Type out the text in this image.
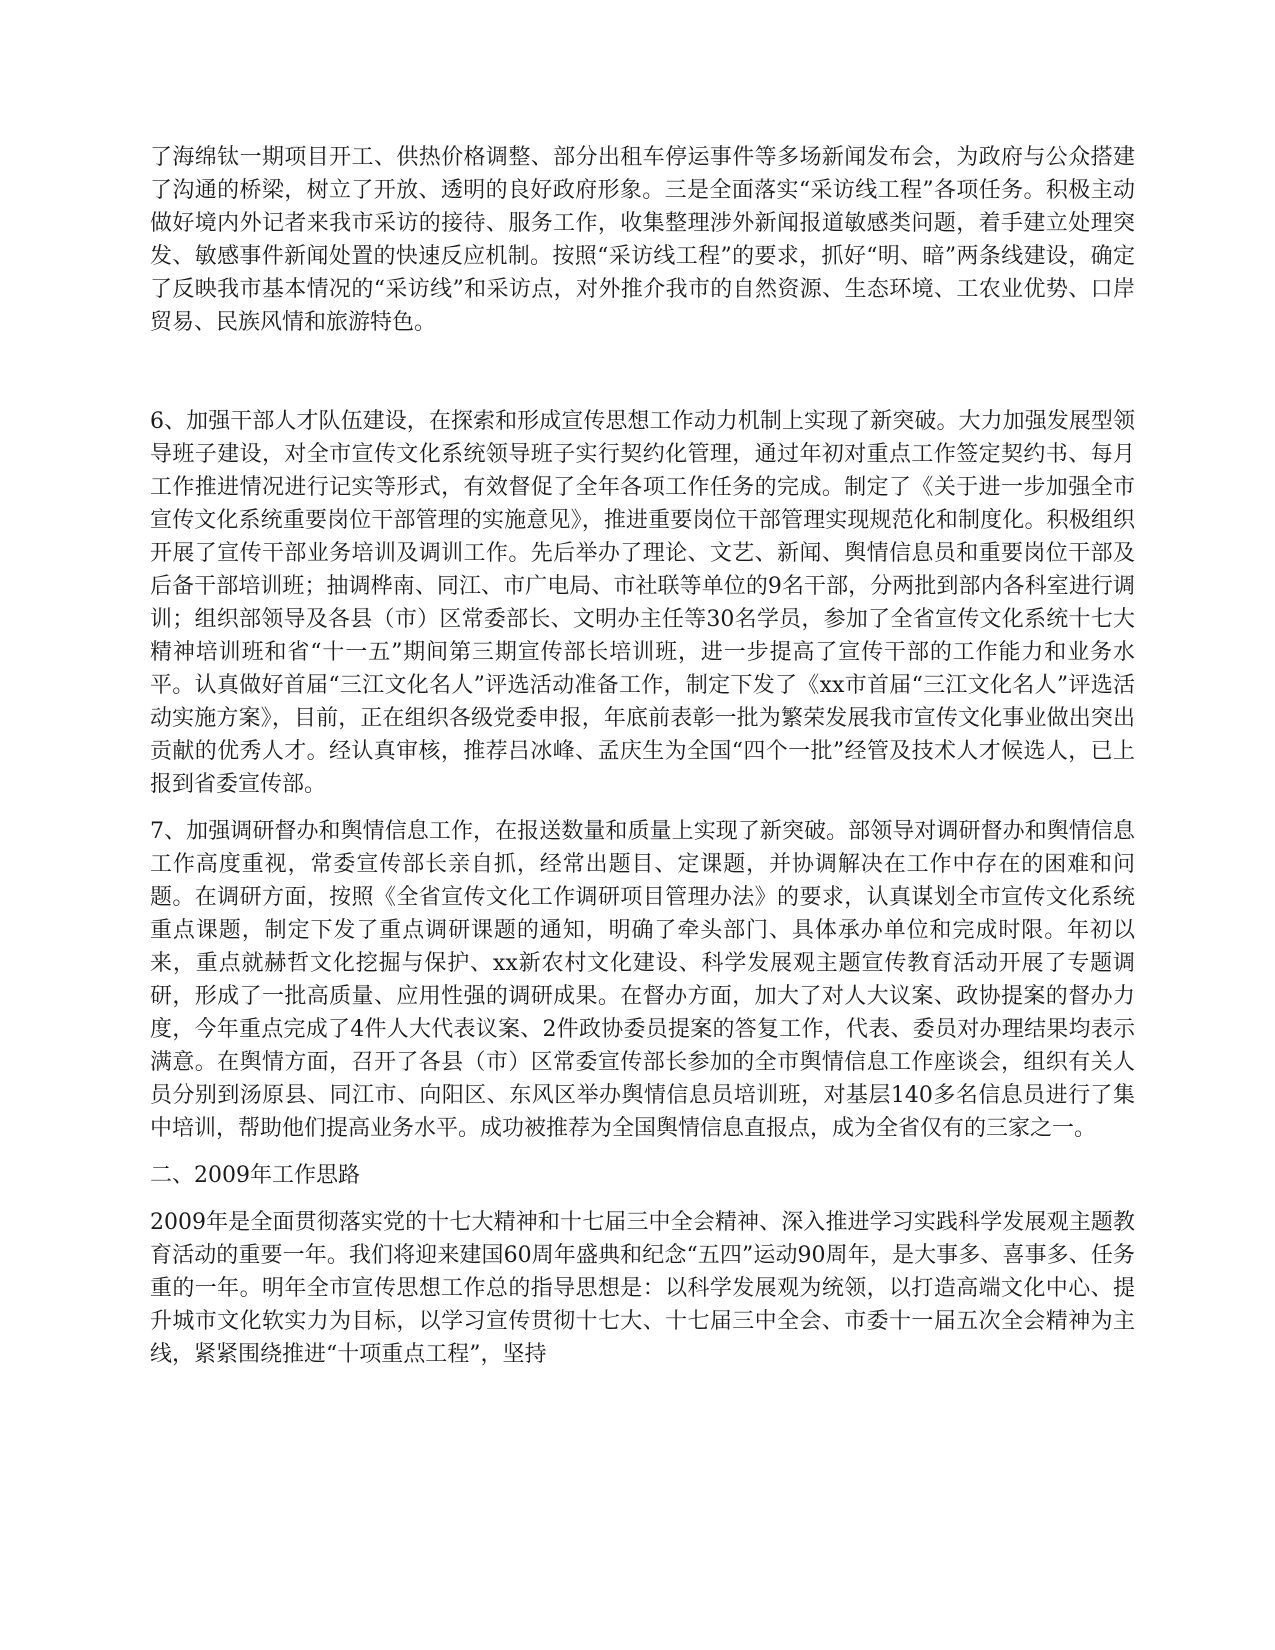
了海绵钛一期项目开工、供热价格调整、部分出租车停运事件等多场新闻发布会，为政府与公众搭建了沟通的桥梁，树立了开放、透明的良好政府形象。三是全面落实“采访线工程”各项任务。积极主动做好境内外记者来我市采访的接待、服务工作，收集整理涉外新闻报道敏感类问题，着手建立处理突发、敏感事件新闻处置的快速反应机制。按照“采访线工程”的要求，抓好“明、暗”两条线建设，确定了反映我市基本情况的“采访线”和采访点，对外推介我市的自然资源、生态环境、工农业优势、口岸贸易、民族风情和旅游特色。

6、加强干部人才队伍建设，在探索和形成宣传思想工作动力机制上实现了新突破。大力加强发展型领导班子建设，对全市宣传文化系统领导班子实行契约化管理，通过年初对重点工作签定契约书、每月工作推进情况进行记实等形式，有效督促了全年各项工作任务的完成。制定了《关于进一步加强全市宣传文化系统重要岗位干部管理的实施意见》，推进重要岗位干部管理实现规范化和制度化。积极组织开展了宣传干部业务培训及调训工作。先后举办了理论、文艺、新闻、舆情信息员和重要岗位干部及后备干部培训班；抽调桦南、同江、市广电局、市社联等单位的9名干部，分两批到部内各科室进行调训；组织部领导及各县（市）区常委部长、文明办主任等30名学员，参加了全省宣传文化系统十七大精神培训班和省“十一五”期间第三期宣传部长培训班，进一步提高了宣传干部的工作能力和业务水平。认真做好首届“三江文化名人”评选活动准备工作，制定下发了《xx市首届“三江文化名人”评选活动实施方案》，目前，正在组织各级党委申报，年底前表彰一批为繁荣发展我市宣传文化事业做出突出贡献的优秀人才。经认真审核，推荐吕冰峰、孟庆生为全国“四个一批”经管及技术人才候选人，已上报到省委宣传部。

7、加强调研督办和舆情信息工作，在报送数量和质量上实现了新突破。部领导对调研督办和舆情信息工作高度重视，常委宣传部长亲自抓，经常出题目、定课题，并协调解决在工作中存在的困难和问题。在调研方面，按照《全省宣传文化工作调研项目管理办法》的要求，认真谋划全市宣传文化系统重点课题，制定下发了重点调研课题的通知，明确了牵头部门、具体承办单位和完成时限。年初以来，重点就赫哲文化挖掘与保护、xx新农村文化建设、科学发展观主题宣传教育活动开展了专题调研，形成了一批高质量、应用性强的调研成果。在督办方面，加大了对人大议案、政协提案的督办力度，今年重点完成了4件人大代表议案、2件政协委员提案的答复工作，代表、委员对办理结果均表示满意。在舆情方面，召开了各县（市）区常委宣传部长参加的全市舆情信息工作座谈会，组织有关人员分别到汤原县、同江市、向阳区、东风区举办舆情信息员培训班，对基层140多名信息员进行了集中培训，帮助他们提高业务水平。成功被推荐为全国舆情信息直报点，成为全省仅有的三家之一。

二、2009年工作思路

2009年是全面贯彻落实党的十七大精神和十七届三中全会精神、深入推进学习实践科学发展观主题教育活动的重要一年。我们将迎来建国60周年盛典和纪念“五四”运动90周年，是大事多、喜事多、任务重的一年。明年全市宣传思想工作总的指导思想是：以科学发展观为统领，以打造高端文化中心、提升城市文化软实力为目标，以学习宣传贯彻十七大、十七届三中全会、市委十一届五次全会精神为主线，紧紧围绕推进“十项重点工程”，坚持
